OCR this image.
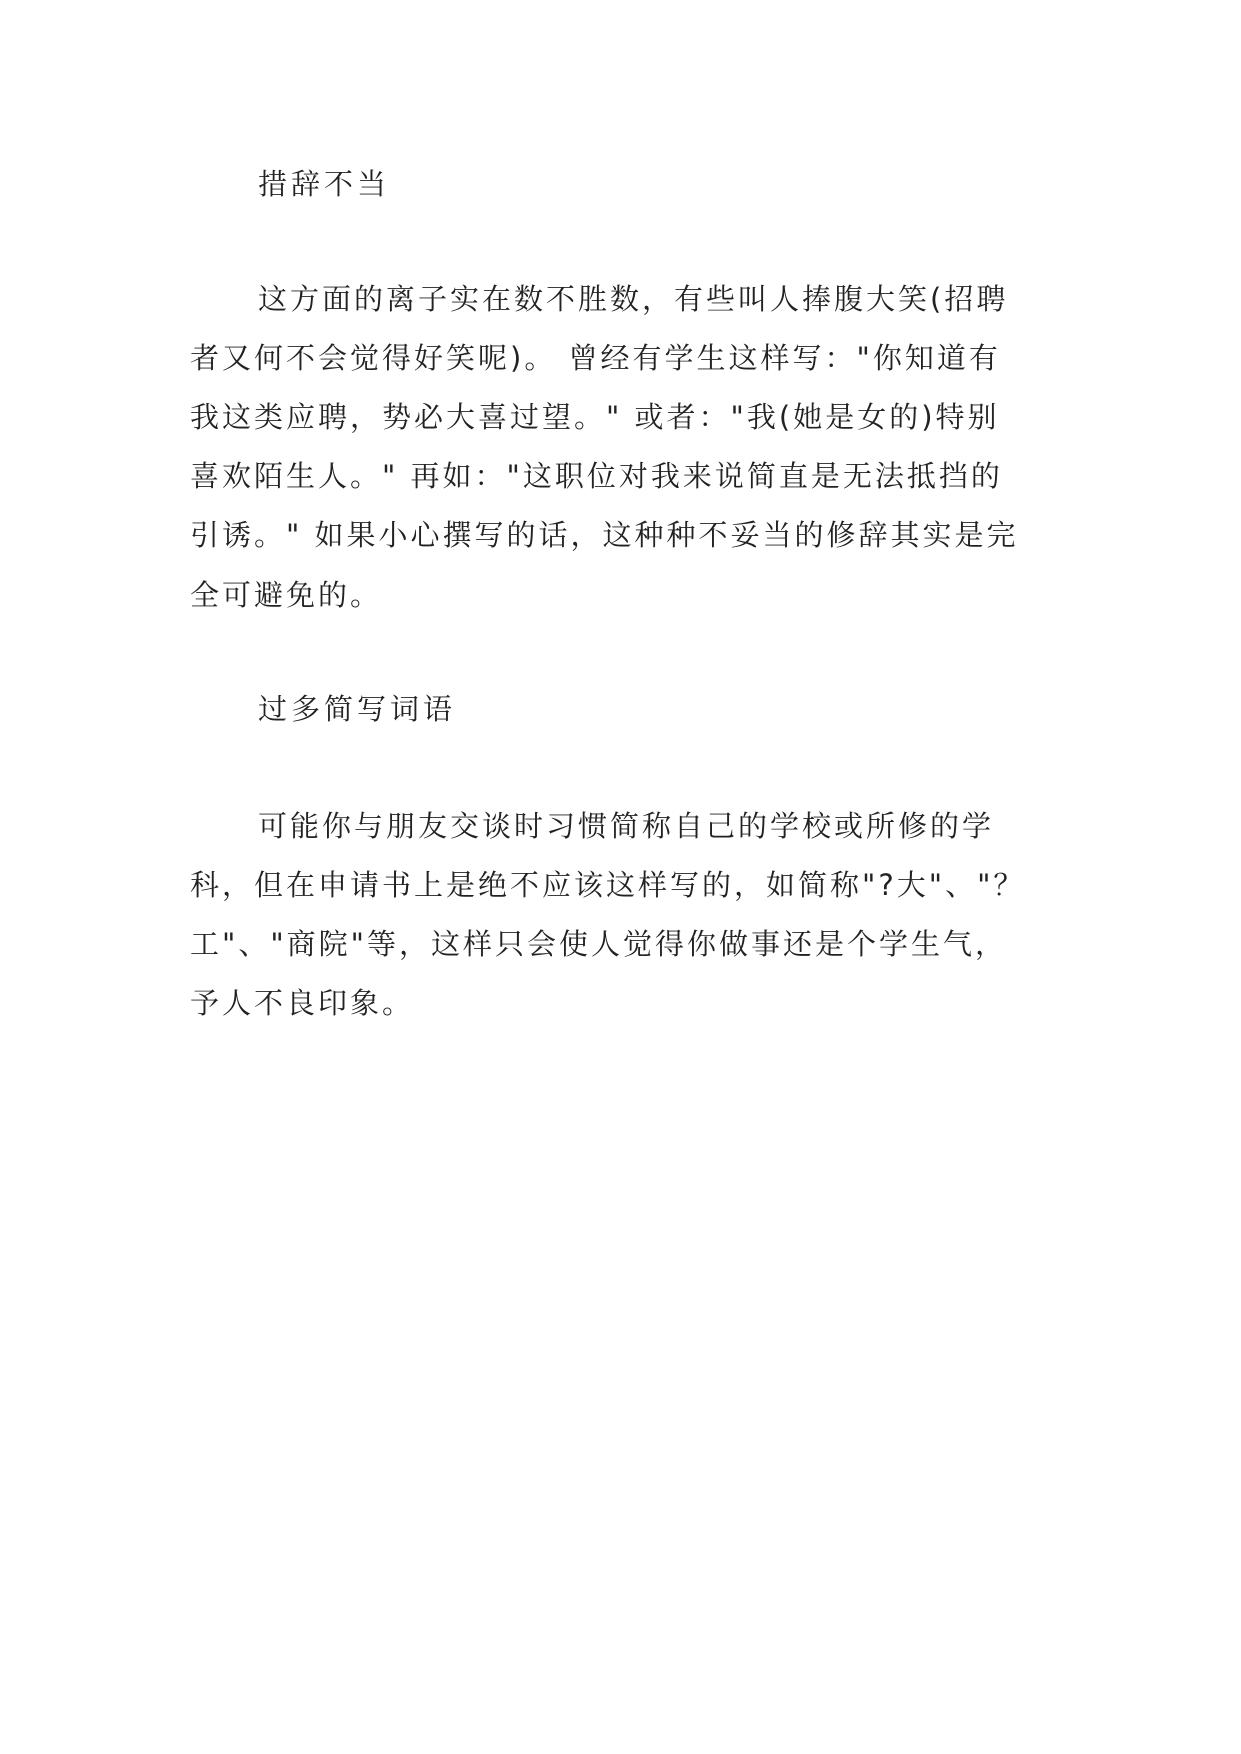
措辞不当
这方面的离子实在数不胜数，有些叫人捧腹大笑(招聘
者又何不会觉得好笑呢)。 曾经有学生这样写："你知道有
我这类应聘，势必大喜过望。" 或者："我(她是女的)特别
喜欢陌生人。" 再如："这职位对我来说简直是无法抵挡的
引诱。" 如果小心撰写的话，这种种不妥当的修辞其实是完
全可避免的。
过多简写词语
可能你与朋友交谈时习惯简称自己的学校或所修的学
科，但在申请书上是绝不应该这样写的，如简称"?大"、"？
工"、"商院"等，这样只会使人觉得你做事还是个学生气，
予人不良印象。
